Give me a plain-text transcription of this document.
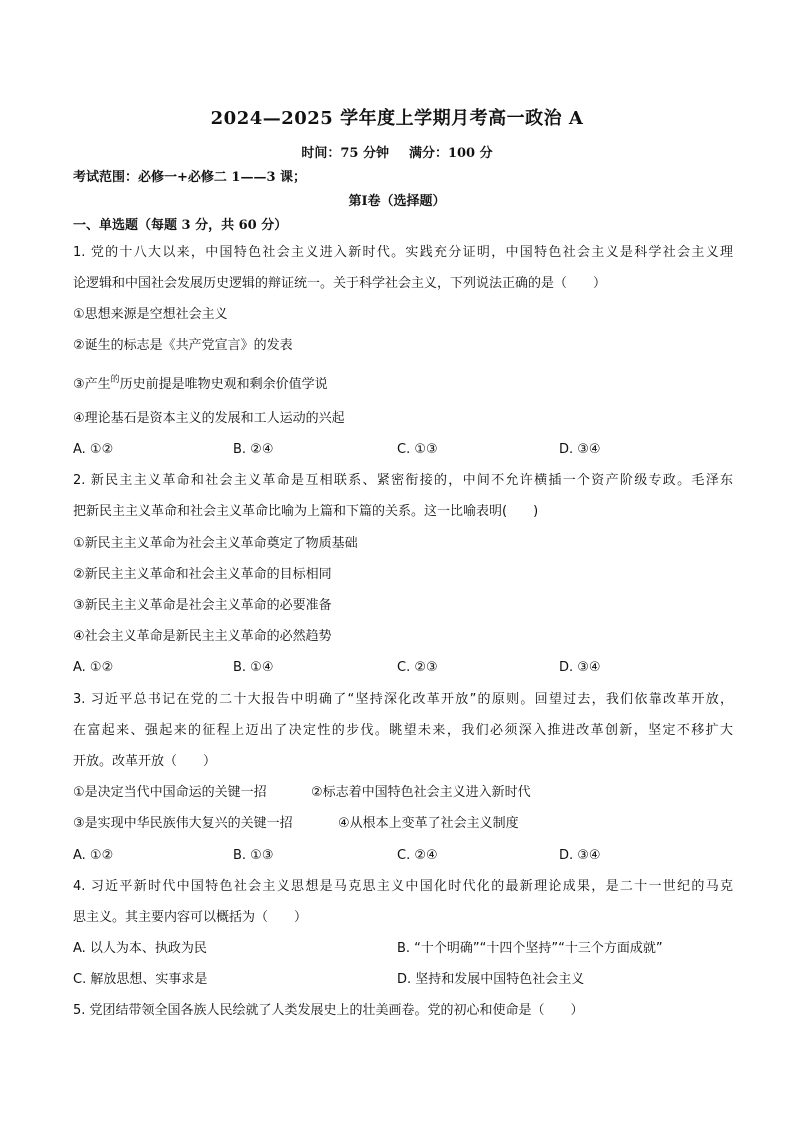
2024—2025 学年度上学期月考高一政治 A
时间：75 分钟 满分：100 分
考试范围：必修一+必修二 1——3 课；
第Ⅰ卷（选择题）
一、单选题（每题 3 分，共 60 分）
1. 党的十八大以来，中国特色社会主义进入新时代。实践充分证明，中国特色社会主义是科学社会主义理
论逻辑和中国社会发展历史逻辑的辩证统一。关于科学社会主义，下列说法正确的是（　　）
①思想来源是空想社会主义
②诞生的标志是《共产党宣言》的发表
③产生$^的$历史前提是唯物史观和剩余价值学说
④理论基石是资本主义的发展和工人运动的兴起
A. ①②	B. ②④	C. ①③	D. ③④
2. 新民主主义革命和社会主义革命是互相联系、紧密衔接的，中间不允许横插一个资产阶级专政。毛泽东
把新民主主义革命和社会主义革命比喻为上篇和下篇的关系。这一比喻表明(　　)
①新民主主义革命为社会主义革命奠定了物质基础
②新民主主义革命和社会主义革命的目标相同
③新民主主义革命是社会主义革命的必要准备
④社会主义革命是新民主主义革命的必然趋势
A. ①②	B. ①④	C. ②③	D. ③④
3. 习近平总书记在党的二十大报告中明确了“坚持深化改革开放”的原则。回望过去，我们依靠改革开放，
在富起来、强起来的征程上迈出了决定性的步伐。眺望未来，我们必须深入推进改革创新，坚定不移扩大
开放。改革开放（　　）
①是决定当代中国命运的关键一招	②标志着中国特色社会主义进入新时代
③是实现中华民族伟大复兴的关键一招	④从根本上变革了社会主义制度
A. ①②	B. ①③	C. ②④	D. ③④
4. 习近平新时代中国特色社会主义思想是马克思主义中国化时代化的最新理论成果，是二十一世纪的马克
思主义。其主要内容可以概括为（　　）
A. 以人为本、执政为民	B. “十个明确”“十四个坚持”“十三个方面成就”
C. 解放思想、实事求是	D. 坚持和发展中国特色社会主义
5. 党团结带领全国各族人民绘就了人类发展史上的壮美画卷。党的初心和使命是（　　）
